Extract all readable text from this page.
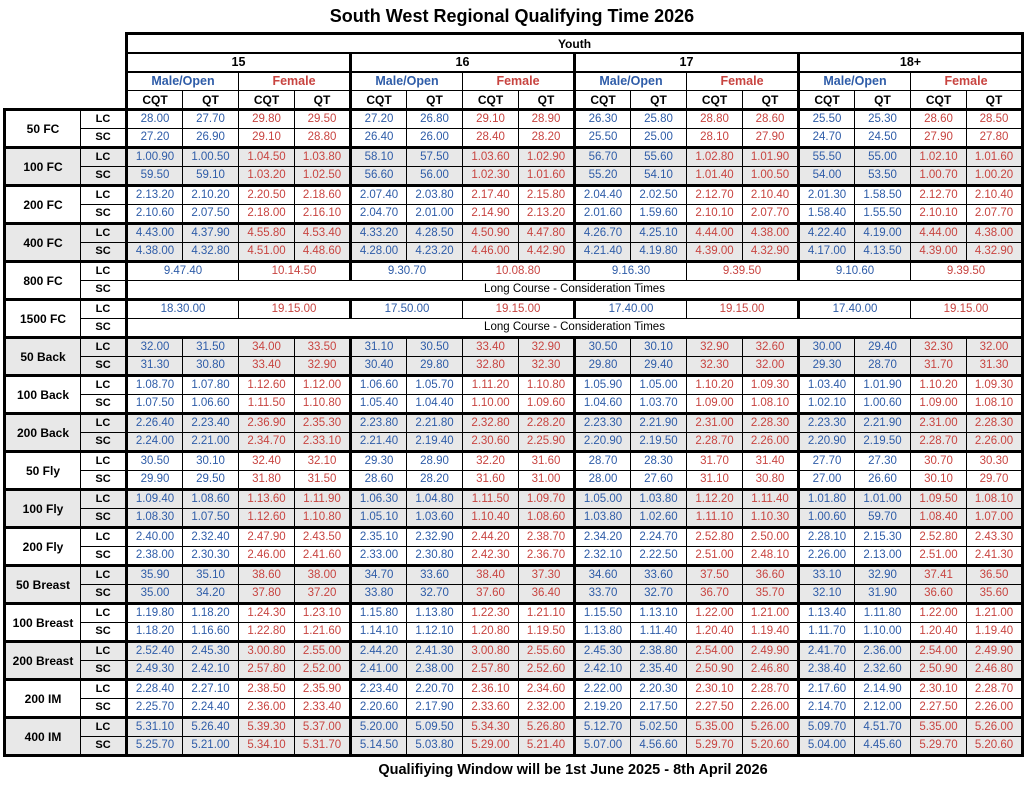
South West Regional Qualifying Time 2026
		Youth															
		15				16				17				18+			
		Male/Open		Female		Male/Open		Female		Male/Open		Female		Male/Open		Female	
		CQT	QT	CQT	QT	CQT	QT	CQT	QT	CQT	QT	CQT	QT	CQT	QT	CQT	QT
50 FC	LC	28.00	27.70	29.80	29.50	27.20	26.80	29.10	28.90	26.30	25.80	28.80	28.60	25.50	25.30	28.60	28.50
	SC	27.20	26.90	29.10	28.80	26.40	26.00	28.40	28.20	25.50	25.00	28.10	27.90	24.70	24.50	27.90	27.80
100 FC	LC	1.00.90	1.00.50	1.04.50	1.03.80	58.10	57.50	1.03.60	1.02.90	56.70	55.60	1.02.80	1.01.90	55.50	55.00	1.02.10	1.01.60
	SC	59.50	59.10	1.03.20	1.02.50	56.60	56.00	1.02.30	1.01.60	55.20	54.10	1.01.40	1.00.50	54.00	53.50	1.00.70	1.00.20
200 FC	LC	2.13.20	2.10.20	2.20.50	2.18.60	2.07.40	2.03.80	2.17.40	2.15.80	2.04.40	2.02.50	2.12.70	2.10.40	2.01.30	1.58.50	2.12.70	2.10.40
	SC	2.10.60	2.07.50	2.18.00	2.16.10	2.04.70	2.01.00	2.14.90	2.13.20	2.01.60	1.59.60	2.10.10	2.07.70	1.58.40	1.55.50	2.10.10	2.07.70
400 FC	LC	4.43.00	4.37.90	4.55.80	4.53.40	4.33.20	4.28.50	4.50.90	4.47.80	4.26.70	4.25.10	4.44.00	4.38.00	4.22.40	4.19.00	4.44.00	4.38.00
	SC	4.38.00	4.32.80	4.51.00	4.48.60	4.28.00	4.23.20	4.46.00	4.42.90	4.21.40	4.19.80	4.39.00	4.32.90	4.17.00	4.13.50	4.39.00	4.32.90
800 FC	LC	9.47.40		10.14.50		9.30.70		10.08.80		9.16.30		9.39.50		9.10.60		9.39.50	
	SC	Long Course - Consideration Times															
1500 FC	LC	18.30.00		19.15.00		17.50.00		19.15.00		17.40.00		19.15.00		17.40.00		19.15.00	
	SC	Long Course - Consideration Times															
50 Back	LC	32.00	31.50	34.00	33.50	31.10	30.50	33.40	32.90	30.50	30.10	32.90	32.60	30.00	29.40	32.30	32.00
	SC	31.30	30.80	33.40	32.90	30.40	29.80	32.80	32.30	29.80	29.40	32.30	32.00	29.30	28.70	31.70	31.30
100 Back	LC	1.08.70	1.07.80	1.12.60	1.12.00	1.06.60	1.05.70	1.11.20	1.10.80	1.05.90	1.05.00	1.10.20	1.09.30	1.03.40	1.01.90	1.10.20	1.09.30
	SC	1.07.50	1.06.60	1.11.50	1.10.80	1.05.40	1.04.40	1.10.00	1.09.60	1.04.60	1.03.70	1.09.00	1.08.10	1.02.10	1.00.60	1.09.00	1.08.10
200 Back	LC	2.26.40	2.23.40	2.36.90	2.35.30	2.23.80	2.21.80	2.32.80	2.28.20	2.23.30	2.21.90	2.31.00	2.28.30	2.23.30	2.21.90	2.31.00	2.28.30
	SC	2.24.00	2.21.00	2.34.70	2.33.10	2.21.40	2.19.40	2.30.60	2.25.90	2.20.90	2.19.50	2.28.70	2.26.00	2.20.90	2.19.50	2.28.70	2.26.00
50 Fly	LC	30.50	30.10	32.40	32.10	29.30	28.90	32.20	31.60	28.70	28.30	31.70	31.40	27.70	27.30	30.70	30.30
	SC	29.90	29.50	31.80	31.50	28.60	28.20	31.60	31.00	28.00	27.60	31.10	30.80	27.00	26.60	30.10	29.70
100 Fly	LC	1.09.40	1.08.60	1.13.60	1.11.90	1.06.30	1.04.80	1.11.50	1.09.70	1.05.00	1.03.80	1.12.20	1.11.40	1.01.80	1.01.00	1.09.50	1.08.10
	SC	1.08.30	1.07.50	1.12.60	1.10.80	1.05.10	1.03.60	1.10.40	1.08.60	1.03.80	1.02.60	1.11.10	1.10.30	1.00.60	59.70	1.08.40	1.07.00
200 Fly	LC	2.40.00	2.32.40	2.47.90	2.43.50	2.35.10	2.32.90	2.44.20	2.38.70	2.34.20	2.24.70	2.52.80	2.50.00	2.28.10	2.15.30	2.52.80	2.43.30
	SC	2.38.00	2.30.30	2.46.00	2.41.60	2.33.00	2.30.80	2.42.30	2.36.70	2.32.10	2.22.50	2.51.00	2.48.10	2.26.00	2.13.00	2.51.00	2.41.30
50 Breast	LC	35.90	35.10	38.60	38.00	34.70	33.60	38.40	37.30	34.60	33.60	37.50	36.60	33.10	32.90	37.41	36.50
	SC	35.00	34.20	37.80	37.20	33.80	32.70	37.60	36.40	33.70	32.70	36.70	35.70	32.10	31.90	36.60	35.60
100 Breast	LC	1.19.80	1.18.20	1.24.30	1.23.10	1.15.80	1.13.80	1.22.30	1.21.10	1.15.50	1.13.10	1.22.00	1.21.00	1.13.40	1.11.80	1.22.00	1.21.00
	SC	1.18.20	1.16.60	1.22.80	1.21.60	1.14.10	1.12.10	1.20.80	1.19.50	1.13.80	1.11.40	1.20.40	1.19.40	1.11.70	1.10.00	1.20.40	1.19.40
200 Breast	LC	2.52.40	2.45.30	3.00.80	2.55.00	2.44.20	2.41.30	3.00.80	2.55.60	2.45.30	2.38.80	2.54.00	2.49.90	2.41.70	2.36.00	2.54.00	2.49.90
	SC	2.49.30	2.42.10	2.57.80	2.52.00	2.41.00	2.38.00	2.57.80	2.52.60	2.42.10	2.35.40	2.50.90	2.46.80	2.38.40	2.32.60	2.50.90	2.46.80
200 IM	LC	2.28.40	2.27.10	2.38.50	2.35.90	2.23.40	2.20.70	2.36.10	2.34.60	2.22.00	2.20.30	2.30.10	2.28.70	2.17.60	2.14.90	2.30.10	2.28.70
	SC	2.25.70	2.24.40	2.36.00	2.33.40	2.20.60	2.17.90	2.33.60	2.32.00	2.19.20	2.17.50	2.27.50	2.26.00	2.14.70	2.12.00	2.27.50	2.26.00
400 IM	LC	5.31.10	5.26.40	5.39.30	5.37.00	5.20.00	5.09.50	5.34.30	5.26.80	5.12.70	5.02.50	5.35.00	5.26.00	5.09.70	4.51.70	5.35.00	5.26.00
	SC	5.25.70	5.21.00	5.34.10	5.31.70	5.14.50	5.03.80	5.29.00	5.21.40	5.07.00	4.56.60	5.29.70	5.20.60	5.04.00	4.45.60	5.29.70	5.20.60
Qualifiying Window will be 1st June 2025 - 8th April 2026
